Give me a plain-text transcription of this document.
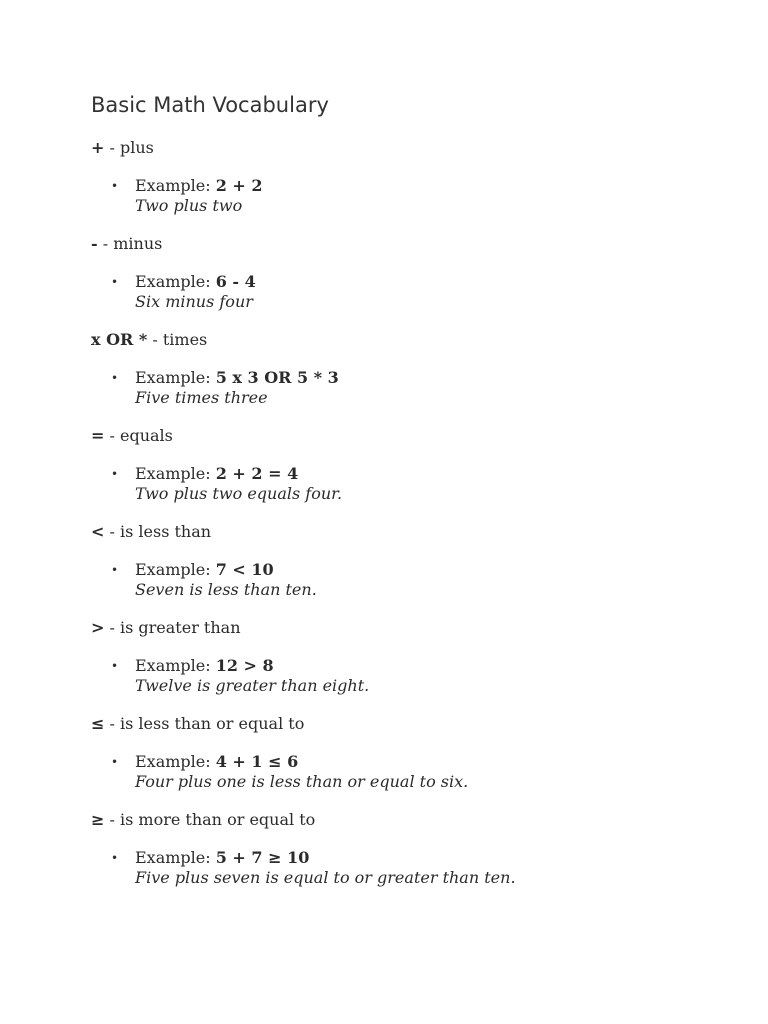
Basic Math Vocabulary

+ - plus

• Example: 2 + 2

Two plus two

- - minus

• Example: 6 - 4

Six minus four

x OR * - times

• Example: 5 x 3 OR 5 * 3

Five times three

= - equals

• Example: 2 + 2 = 4

Two plus two equals four.

< - is less than

• Example: 7 < 10

Seven is less than ten.

> - is greater than

• Example: 12 > 8

Twelve is greater than eight.

≤ - is less than or equal to

• Example: 4 + 1 ≤ 6

Four plus one is less than or equal to six.

≥ - is more than or equal to

• Example: 5 + 7 ≥ 10

Five plus seven is equal to or greater than ten.
